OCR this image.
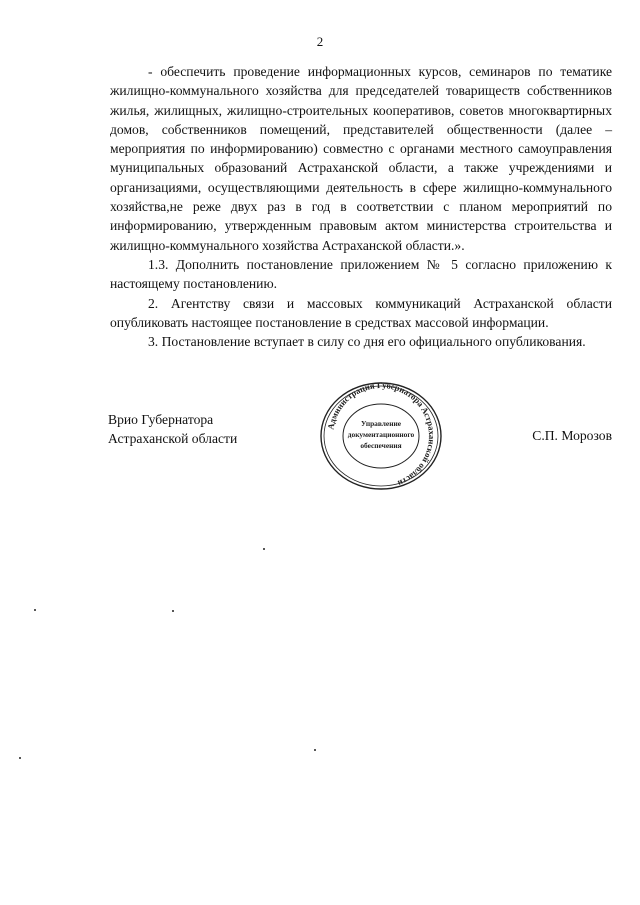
2

- обеспечить проведение информационных курсов, семинаров по тематике жилищно-коммунального хозяйства для председателей товариществ собственников жилья, жилищных, жилищно-строительных кооперативов, советов многоквартирных домов, собственников помещений, представителей общественности (далее – мероприятия по информированию) совместно с органами местного самоуправления муниципальных образований Астраханской области, а также учреждениями и организациями, осуществляющими деятельность в сфере жилищно-коммунального хозяйства,не реже двух раз в год в соответствии с планом мероприятий по информированию, утвержденным правовым актом министерства строительства и жилищно-коммунального хозяйства Астраханской области.».

1.3. Дополнить постановление приложением № 5 согласно приложению к настоящему постановлению.

2. Агентству связи и массовых коммуникаций Астраханской области опубликовать настоящее постановление в средствах массовой информации.

3. Постановление вступает в силу со дня его официального опубликования.

Врио Губернатора
Астраханской области
Администрация Губернатора Астраханской области
Управление
документационного
обеспечения
С.П. Морозов
